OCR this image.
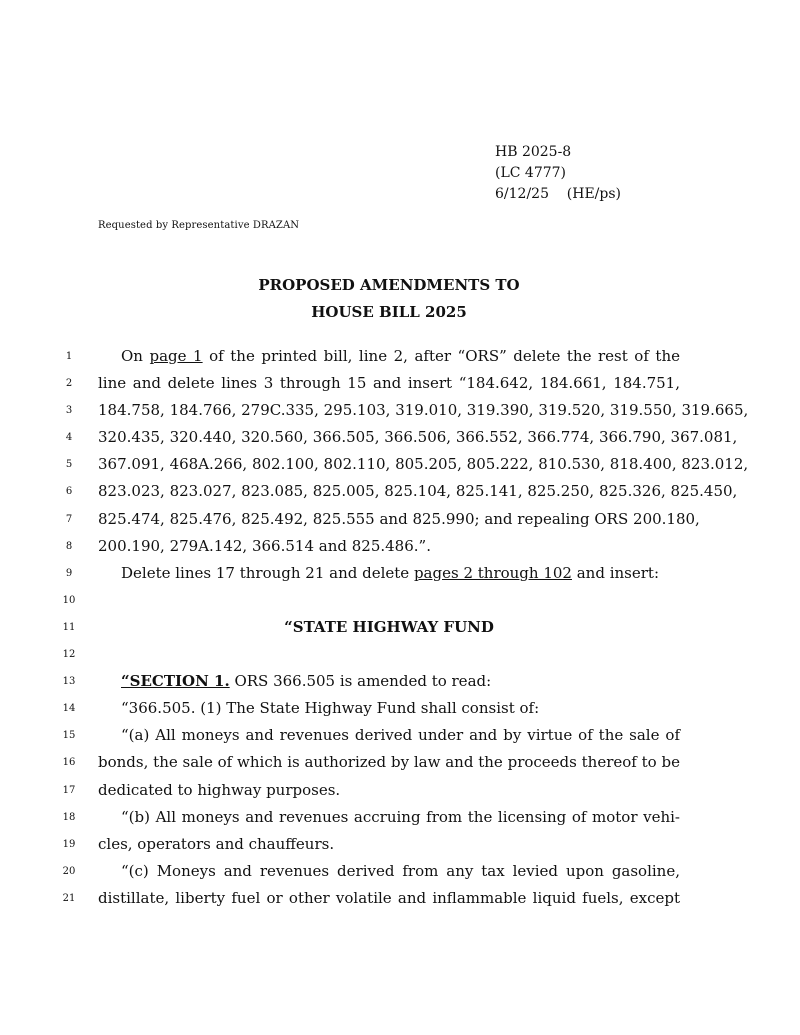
HB 2025-8
(LC 4777)
6/12/25    (HE/ps)
Requested by Representative DRAZAN
PROPOSED AMENDMENTS TO
HOUSE BILL 2025
1	On page 1 of the printed bill, line 2, after “ORS” delete the rest of the
2	line and delete lines 3 through 15 and insert “184.642, 184.661, 184.751,
3	184.758, 184.766, 279C.335, 295.103, 319.010, 319.390, 319.520, 319.550, 319.665,
4	320.435, 320.440, 320.560, 366.505, 366.506, 366.552, 366.774, 366.790, 367.081,
5	367.091, 468A.266, 802.100, 802.110, 805.205, 805.222, 810.530, 818.400, 823.012,
6	823.023, 823.027, 823.085, 825.005, 825.104, 825.141, 825.250, 825.326, 825.450,
7	825.474, 825.476, 825.492, 825.555 and 825.990; and repealing ORS 200.180,
8	200.190, 279A.142, 366.514 and 825.486.”.
9	Delete lines 17 through 21 and delete pages 2 through 102 and insert:
10
11	“STATE HIGHWAY FUND
12
13	“SECTION 1. ORS 366.505 is amended to read:
14	“366.505. (1) The State Highway Fund shall consist of:
15	“(a) All moneys and revenues derived under and by virtue of the sale of
16	bonds, the sale of which is authorized by law and the proceeds thereof to be
17	dedicated to highway purposes.
18	“(b) All moneys and revenues accruing from the licensing of motor vehi-
19	cles, operators and chauffeurs.
20	“(c) Moneys and revenues derived from any tax levied upon gasoline,
21	distillate, liberty fuel or other volatile and inflammable liquid fuels, except
